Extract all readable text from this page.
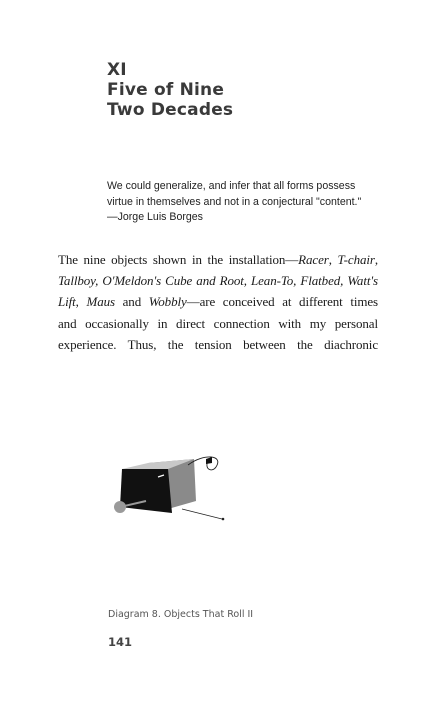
XI
Five of Nine
Two Decades
We could generalize, and infer that all forms possess
virtue in themselves and not in a conjectural "content."
—Jorge Luis Borges
The nine objects shown in the installation—Racer, T-chair,
Tallboy, O'Meldon's Cube and Root, Lean-To, Flatbed, Watt's
Lift, Maus and Wobbly—are conceived at different times
and occasionally in direct connection with my personal
experience. Thus, the tension between the diachronic
Diagram 8. Objects That Roll II
141
